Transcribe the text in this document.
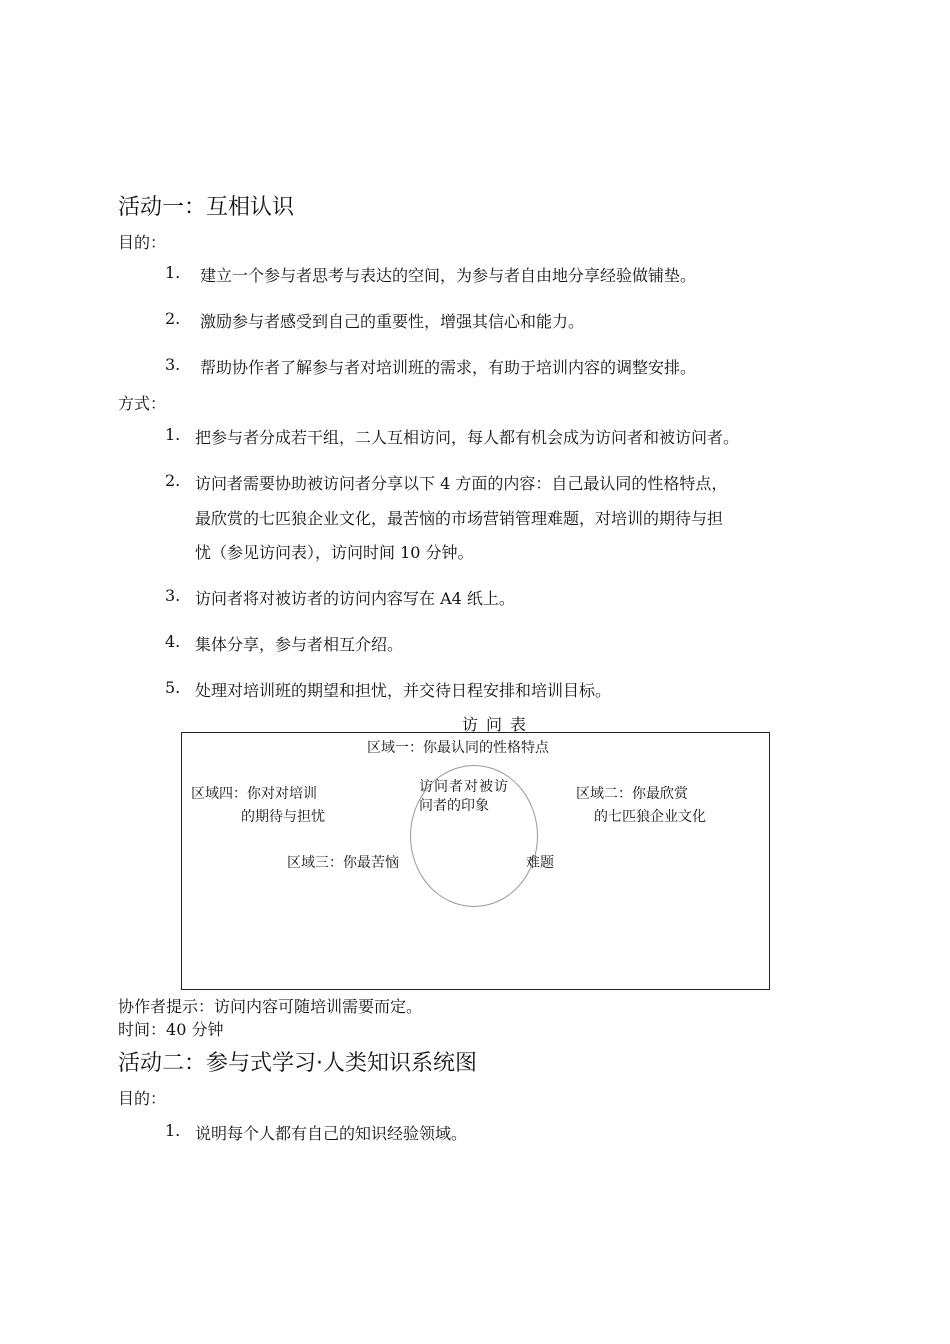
活动一：互相认识
目的：
1. 建立一个参与者思考与表达的空间，为参与者自由地分享经验做铺垫。
2. 激励参与者感受到自己的重要性，增强其信心和能力。
3. 帮助协作者了解参与者对培训班的需求，有助于培训内容的调整安排。
方式：
1. 把参与者分成若干组，二人互相访问，每人都有机会成为访问者和被访问者。
2. 访问者需要协助被访问者分享以下 4 方面的内容：自己最认同的性格特点，
最欣赏的七匹狼企业文化，最苦恼的市场营销管理难题，对培训的期待与担
忧（参见访问表），访问时间 10 分钟。
3. 访问者将对被访者的访问内容写在 A4 纸上。
4. 集体分享，参与者相互介绍。
5. 处理对培训班的期望和担忧，并交待日程安排和培训目标。
访问表
区域一：你最认同的性格特点
区域四：你对对培训
的期待与担忧
区域二：你最欣赏
的七匹狼企业文化
区域三：你最苦恼	难题
访问者对被访
问者的印象
协作者提示：访问内容可随培训需要而定。
时间：40 分钟
活动二：参与式学习·人类知识系统图
目的：
1. 说明每个人都有自己的知识经验领域。
